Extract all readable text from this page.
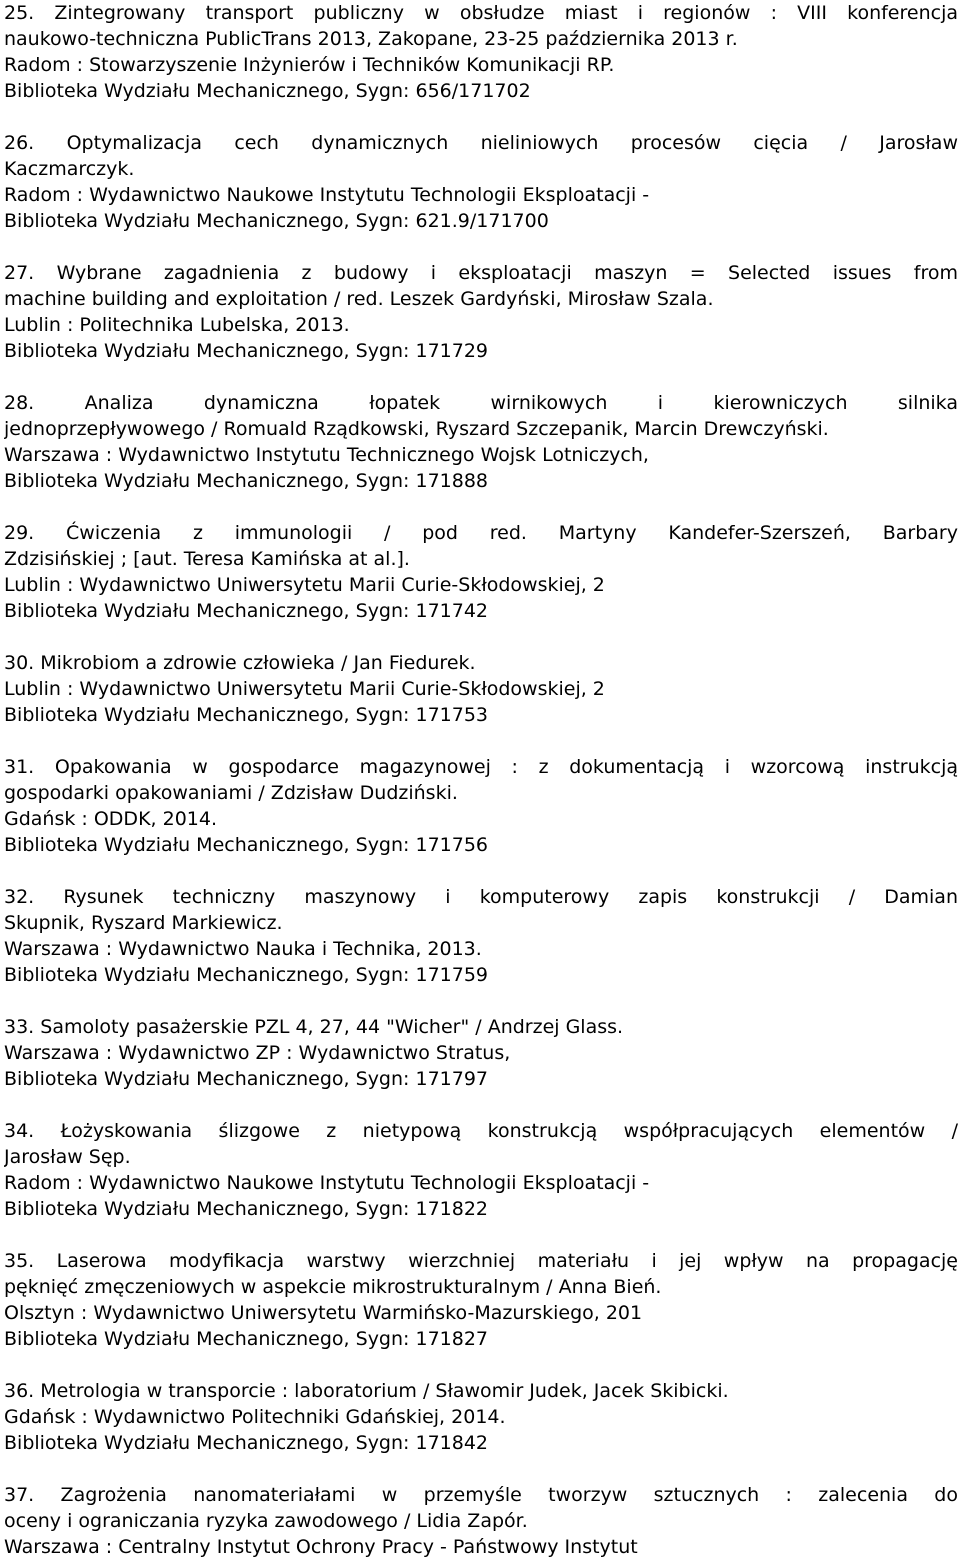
25. Zintegrowany transport publiczny w obsłudze miast i regionów : VIII konferencja
naukowo-techniczna PublicTrans 2013, Zakopane, 23-25 października 2013 r.
Radom : Stowarzyszenie Inżynierów i Techników Komunikacji RP.
Biblioteka Wydziału Mechanicznego, Sygn: 656/171702
26. Optymalizacja cech dynamicznych nieliniowych procesów cięcia / Jarosław
Kaczmarczyk.
Radom : Wydawnictwo Naukowe Instytutu Technologii Eksploatacji -
Biblioteka Wydziału Mechanicznego, Sygn: 621.9/171700
27. Wybrane zagadnienia z budowy i eksploatacji maszyn = Selected issues from
machine building and exploitation / red. Leszek Gardyński, Mirosław Szala.
Lublin : Politechnika Lubelska, 2013.
Biblioteka Wydziału Mechanicznego, Sygn: 171729
28. Analiza dynamiczna łopatek wirnikowych i kierowniczych silnika
jednoprzepływowego / Romuald Rządkowski, Ryszard Szczepanik, Marcin Drewczyński.
Warszawa : Wydawnictwo Instytutu Technicznego Wojsk Lotniczych,
Biblioteka Wydziału Mechanicznego, Sygn: 171888
29. Ćwiczenia z immunologii / pod red. Martyny Kandefer-Szerszeń, Barbary
Zdzisińskiej ; [aut. Teresa Kamińska at al.].
Lublin : Wydawnictwo Uniwersytetu Marii Curie-Skłodowskiej, 2
Biblioteka Wydziału Mechanicznego, Sygn: 171742
30. Mikrobiom a zdrowie człowieka / Jan Fiedurek.
Lublin : Wydawnictwo Uniwersytetu Marii Curie-Skłodowskiej, 2
Biblioteka Wydziału Mechanicznego, Sygn: 171753
31. Opakowania w gospodarce magazynowej : z dokumentacją i wzorcową instrukcją
gospodarki opakowaniami / Zdzisław Dudziński.
Gdańsk : ODDK, 2014.
Biblioteka Wydziału Mechanicznego, Sygn: 171756
32. Rysunek techniczny maszynowy i komputerowy zapis konstrukcji / Damian
Skupnik, Ryszard Markiewicz.
Warszawa : Wydawnictwo Nauka i Technika, 2013.
Biblioteka Wydziału Mechanicznego, Sygn: 171759
33. Samoloty pasażerskie PZL 4, 27, 44 "Wicher" / Andrzej Glass.
Warszawa : Wydawnictwo ZP : Wydawnictwo Stratus,
Biblioteka Wydziału Mechanicznego, Sygn: 171797
34. Łożyskowania ślizgowe z nietypową konstrukcją współpracujących elementów /
Jarosław Sęp.
Radom : Wydawnictwo Naukowe Instytutu Technologii Eksploatacji -
Biblioteka Wydziału Mechanicznego, Sygn: 171822
35. Laserowa modyfikacja warstwy wierzchniej materiału i jej wpływ na propagację
pęknięć zmęczeniowych w aspekcie mikrostrukturalnym / Anna Bień.
Olsztyn : Wydawnictwo Uniwersytetu Warmińsko-Mazurskiego, 201
Biblioteka Wydziału Mechanicznego, Sygn: 171827
36. Metrologia w transporcie : laboratorium / Sławomir Judek, Jacek Skibicki.
Gdańsk : Wydawnictwo Politechniki Gdańskiej, 2014.
Biblioteka Wydziału Mechanicznego, Sygn: 171842
37. Zagrożenia nanomateriałami w przemyśle tworzyw sztucznych : zalecenia do
oceny i ograniczania ryzyka zawodowego / Lidia Zapór.
Warszawa : Centralny Instytut Ochrony Pracy - Państwowy Instytut
